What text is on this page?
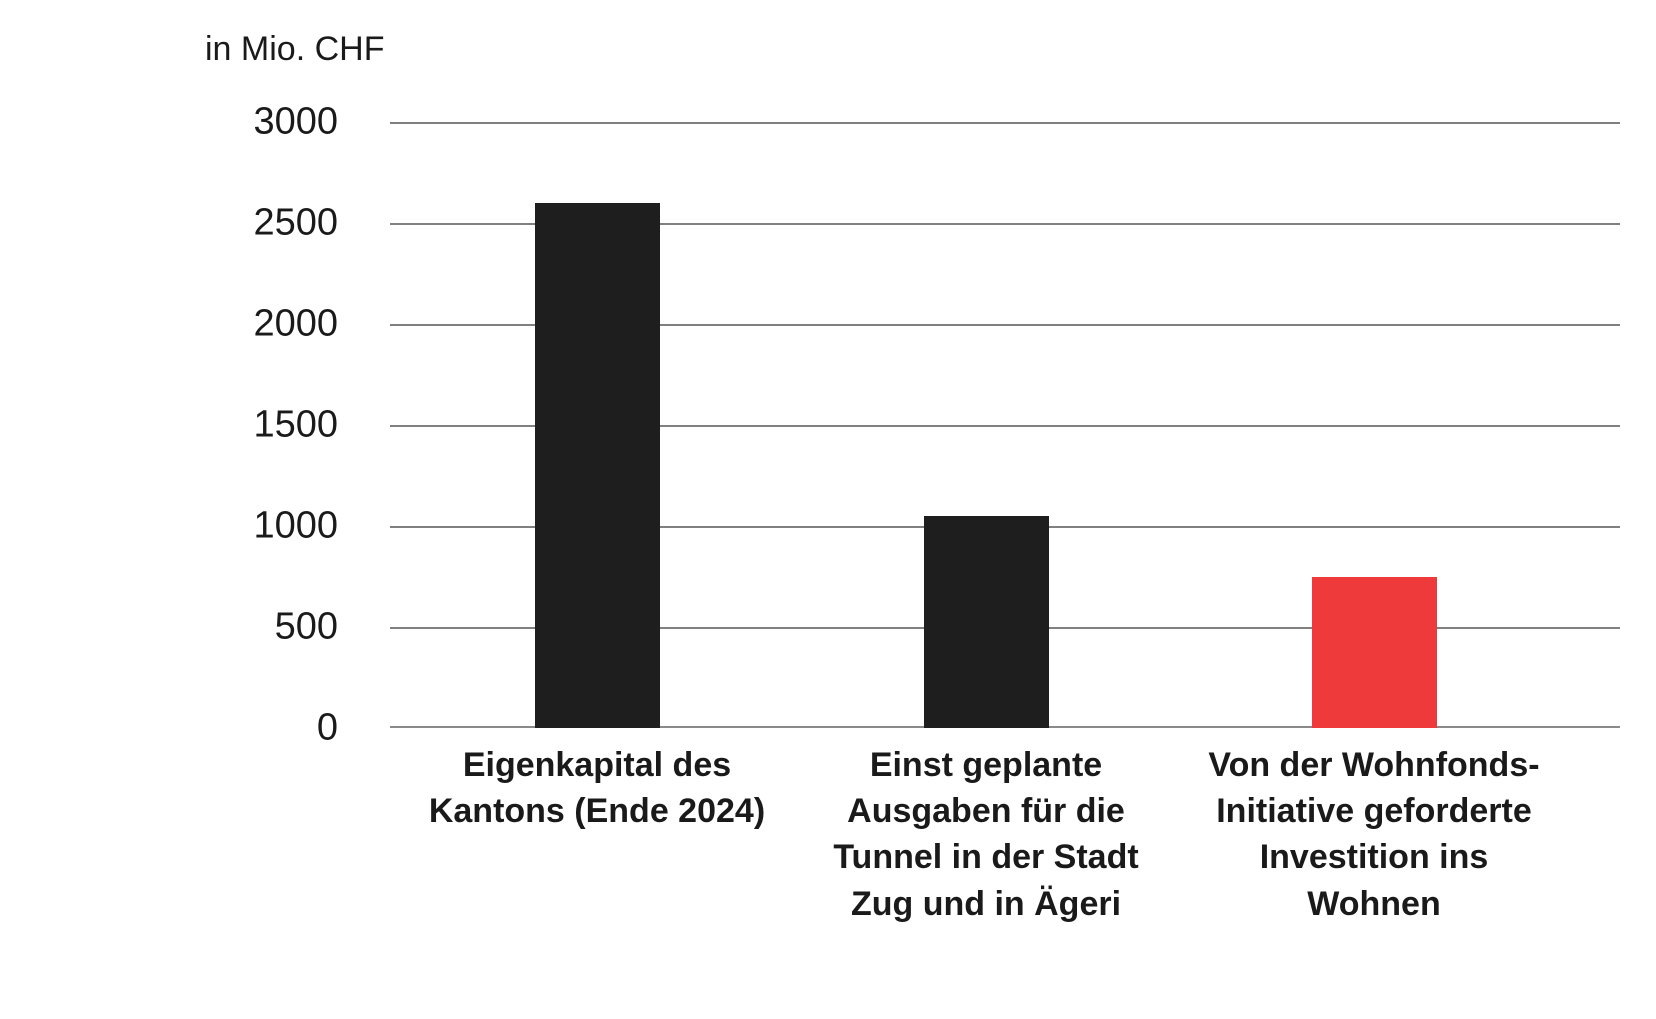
in Mio. CHF
3000
2500
2000
1500
1000
500
0
Eigenkapital des
Kantons (Ende 2024)
Einst geplante
Ausgaben für die
Tunnel in der Stadt
Zug und in Ägeri
Von der Wohnfonds-
Initiative geforderte
Investition ins
Wohnen
